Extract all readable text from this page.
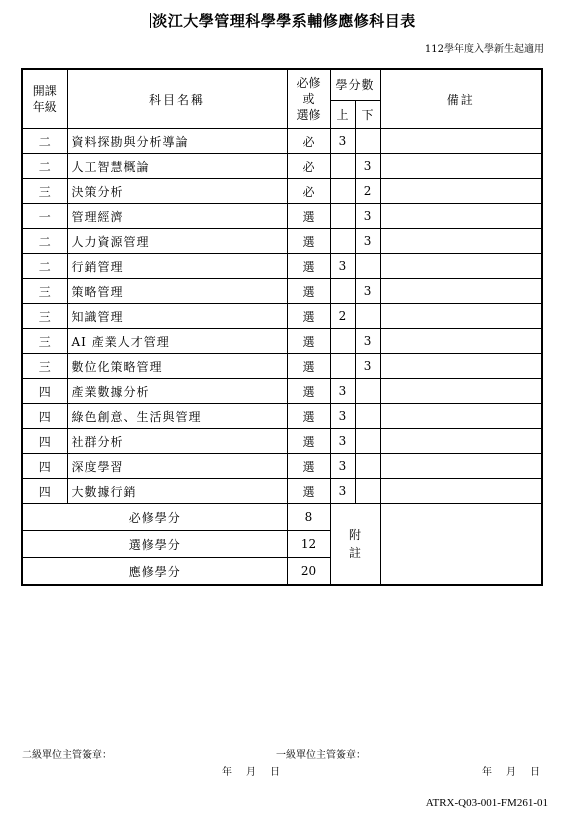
淡江大學管理科學學系輔修應修科目表
112學年度入學新生起適用
開課
年級	科目名稱	必修
或
選修	學分數		備註
			上	下	
二	資料探勘與分析導論	必	3		
二	人工智慧概論	必		3	
三	決策分析	必		2	
一	管理經濟	選		3	
二	人力資源管理	選		3	
二	行銷管理	選	3		
三	策略管理	選		3	
三	知識管理	選	2		
三	AI 產業人才管理	選		3	
三	數位化策略管理	選		3	
四	產業數據分析	選	3		
四	綠色創意、生活與管理	選	3		
四	社群分析	選	3		
四	深度學習	選	3		
四	大數據行銷	選	3		
必修學分		8	附
註		
選修學分		12			
應修學分		20			
二級單位主管簽章：	一級單位主管簽章：
年　月　日	年　月　日
ATRX-Q03-001-FM261-01
